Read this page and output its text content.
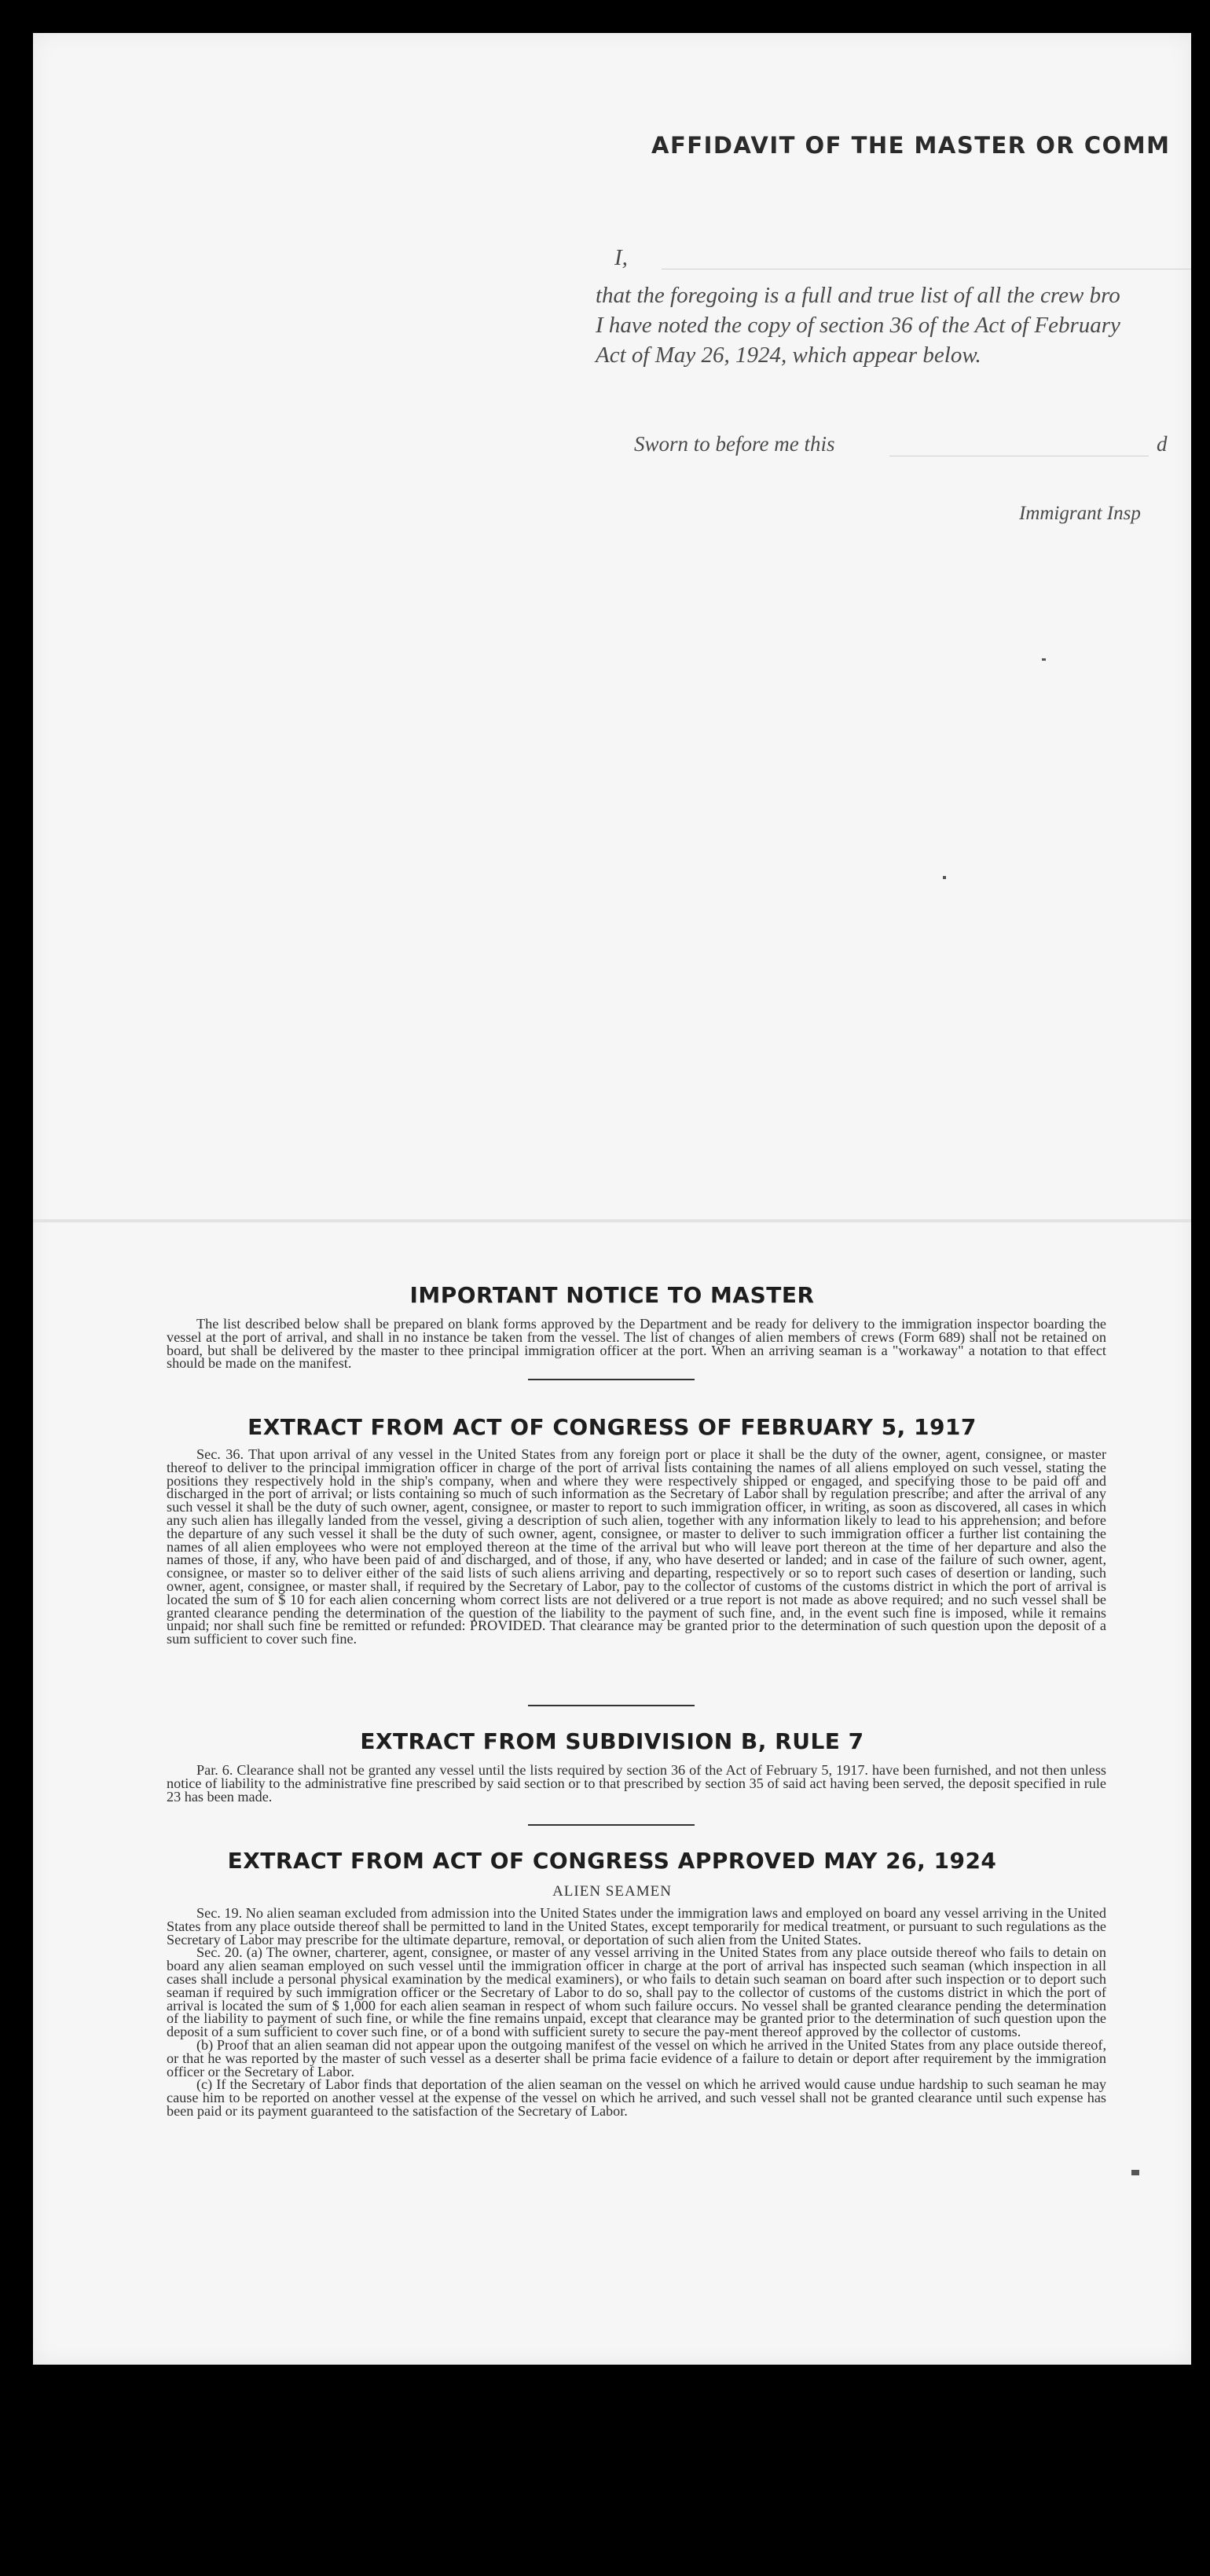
AFFIDAVIT OF THE MASTER OR COMM
I,
that the foregoing is a full and true list of all the crew bro
I have noted the copy of section 36 of the Act of February
Act of May 26, 1924, which appear below.
Sworn to before me this	d
Immigrant Insp
IMPORTANT NOTICE TO MASTER

The list described below shall be prepared on blank forms approved by the Department and be ready for delivery to the immigration inspector boarding the vessel at the port of arrival, and shall in no instance be taken from the vessel. The list of changes of alien members of crews (Form 689) shall not be retained on board, but shall be delivered by the master to thee principal immigration officer at the port. When an arriving seaman is a "workaway" a notation to that effect should be made on the manifest.

EXTRACT FROM ACT OF CONGRESS OF FEBRUARY 5, 1917

Sec. 36. That upon arrival of any vessel in the United States from any foreign port or place it shall be the duty of the owner, agent, consignee, or master thereof to deliver to the principal immigration officer in charge of the port of arrival lists containing the names of all aliens employed on such vessel, stating the positions they respectively hold in the ship's company, when and where they were respectively shipped or engaged, and specifying those to be paid off and discharged in the port of arrival; or lists containing so much of such information as the Secretary of Labor shall by regulation prescribe; and after the arrival of any such vessel it shall be the duty of such owner, agent, consignee, or master to report to such immigration officer, in writing, as soon as discovered, all cases in which any such alien has illegally landed from the vessel, giving a description of such alien, together with any information likely to lead to his apprehension; and before the departure of any such vessel it shall be the duty of such owner, agent, consignee, or master to deliver to such immigration officer a further list containing the names of all alien employees who were not employed thereon at the time of the arrival but who will leave port thereon at the time of her departure and also the names of those, if any, who have been paid of and discharged, and of those, if any, who have deserted or landed; and in case of the failure of such owner, agent, consignee, or master so to deliver either of the said lists of such aliens arriving and departing, respectively or so to report such cases of desertion or landing, such owner, agent, consignee, or master shall, if required by the Secretary of Labor, pay to the collector of customs of the customs district in which the port of arrival is located the sum of $ 10 for each alien concerning whom correct lists are not delivered or a true report is not made as above required; and no such vessel shall be granted clearance pending the determination of the question of the liability to the payment of such fine, and, in the event such fine is imposed, while it remains unpaid; nor shall such fine be remitted or refunded: PROVIDED. That clearance may be granted prior to the determination of such question upon the deposit of a sum sufficient to cover such fine.

EXTRACT FROM SUBDIVISION B, RULE 7

Par. 6. Clearance shall not be granted any vessel until the lists required by section 36 of the Act of February 5, 1917. have been furnished, and not then unless notice of liability to the administrative fine prescribed by said section or to that prescribed by section 35 of said act having been served, the deposit specified in rule 23 has been made.

EXTRACT FROM ACT OF CONGRESS APPROVED MAY 26, 1924
ALIEN SEAMEN

Sec. 19. No alien seaman excluded from admission into the United States under the immigration laws and employed on board any vessel arriving in the United States from any place outside thereof shall be permitted to land in the United States, except temporarily for medical treatment, or pursuant to such regulations as the Secretary of Labor may prescribe for the ultimate departure, removal, or deportation of such alien from the United States.

Sec. 20. (a) The owner, charterer, agent, consignee, or master of any vessel arriving in the United States from any place outside thereof who fails to detain on board any alien seaman employed on such vessel until the immigration officer in charge at the port of arrival has inspected such seaman (which inspection in all cases shall include a personal physical examination by the medical examiners), or who fails to detain such seaman on board after such inspection or to deport such seaman if required by such immigration officer or the Secretary of Labor to do so, shall pay to the collector of customs of the customs district in which the port of arrival is located the sum of $ 1,000 for each alien seaman in respect of whom such failure occurs. No vessel shall be granted clearance pending the determination of the liability to payment of such fine, or while the fine remains unpaid, except that clearance may be granted prior to the determination of such question upon the deposit of a sum sufficient to cover such fine, or of a bond with sufficient surety to secure the pay-ment thereof approved by the collector of customs.

(b) Proof that an alien seaman did not appear upon the outgoing manifest of the vessel on which he arrived in the United States from any place outside thereof, or that he was reported by the master of such vessel as a deserter shall be prima facie evidence of a failure to detain or deport after requirement by the immigration officer or the Secretary of Labor.

(c) If the Secretary of Labor finds that deportation of the alien seaman on the vessel on which he arrived would cause undue hardship to such seaman he may cause him to be reported on another vessel at the expense of the vessel on which he arrived, and such vessel shall not be granted clearance until such expense has been paid or its payment guaranteed to the satisfaction of the Secretary of Labor.
